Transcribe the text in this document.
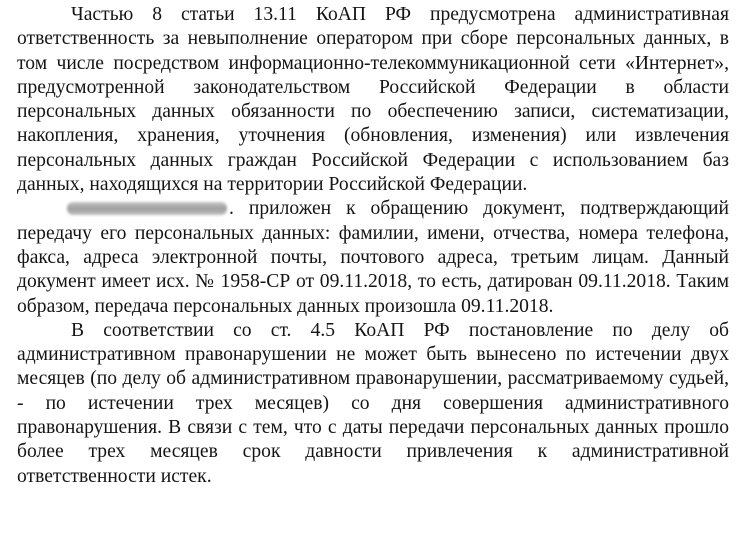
Частью 8 статьи 13.11 КоАП РФ предусмотрена административная ответственность за невыполнение оператором при сборе персональных данных, в том числе посредством информационно-телекоммуникационной сети «Интернет», предусмотренной законодательством Российской Федерации в области персональных данных обязанности по обеспечению записи, систематизации, накопления, хранения, уточнения (обновления, изменения) или извлечения персональных данных граждан Российской Федерации с использованием баз данных, находящихся на территории Российской Федерации.

. приложен к обращению документ, подтверждающий передачу его персональных данных: фамилии, имени, отчества, номера телефона, факса, адреса электронной почты, почтового адреса, третьим лицам. Данный документ имеет исх. № 1958-СР от 09.11.2018, то есть, датирован 09.11.2018. Таким образом, передача персональных данных произошла 09.11.2018.

В соответствии со ст. 4.5 КоАП РФ постановление по делу об административном правонарушении не может быть вынесено по истечении двух месяцев (по делу об административном правонарушении, рассматриваемому судьей, - по истечении трех месяцев) со дня совершения административного правонарушения. В связи с тем, что с даты передачи персональных данных прошло более трех месяцев срок давности привлечения к административной ответственности истек.
